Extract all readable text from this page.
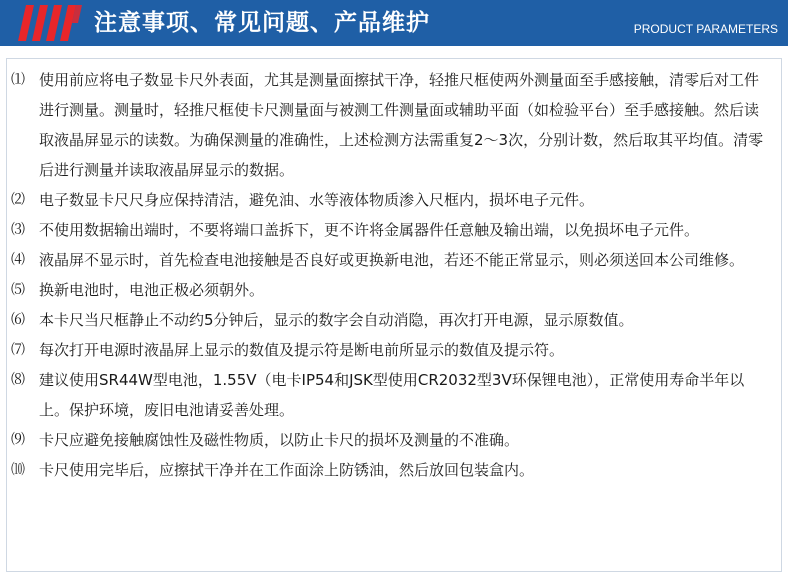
注意事项、常见问题、产品维护	PRODUCT PARAMETERS
⑴ 使用前应将电子数显卡尺外表面，尤其是测量面擦拭干净，轻推尺框使两外测量面至手感接触，清零后对工件进行测量。测量时，轻推尺框使卡尺测量面与被测工件测量面或辅助平面（如检验平台）至手感接触。然后读取液晶屏显示的读数。为确保测量的准确性，上述检测方法需重复2～3次，分别计数，然后取其平均值。清零后进行测量并读取液晶屏显示的数据。
⑵ 电子数显卡尺尺身应保持清洁，避免油、水等液体物质渗入尺框内，损坏电子元件。
⑶ 不使用数据输出端时，不要将端口盖拆下，更不许将金属器件任意触及输出端，以免损坏电子元件。
⑷ 液晶屏不显示时，首先检查电池接触是否良好或更换新电池，若还不能正常显示，则必须送回本公司维修。
⑸ 换新电池时，电池正极必须朝外。
⑹ 本卡尺当尺框静止不动约5分钟后，显示的数字会自动消隐，再次打开电源，显示原数值。
⑺ 每次打开电源时液晶屏上显示的数值及提示符是断电前所显示的数值及提示符。
⑻ 建议使用SR44W型电池，1.55V（电卡IP54和JSK型使用CR2032型3V环保锂电池），正常使用寿命半年以上。保护环境，废旧电池请妥善处理。
⑼ 卡尺应避免接触腐蚀性及磁性物质，以防止卡尺的损坏及测量的不准确。
⑽ 卡尺使用完毕后，应擦拭干净并在工作面涂上防锈油，然后放回包装盒内。
